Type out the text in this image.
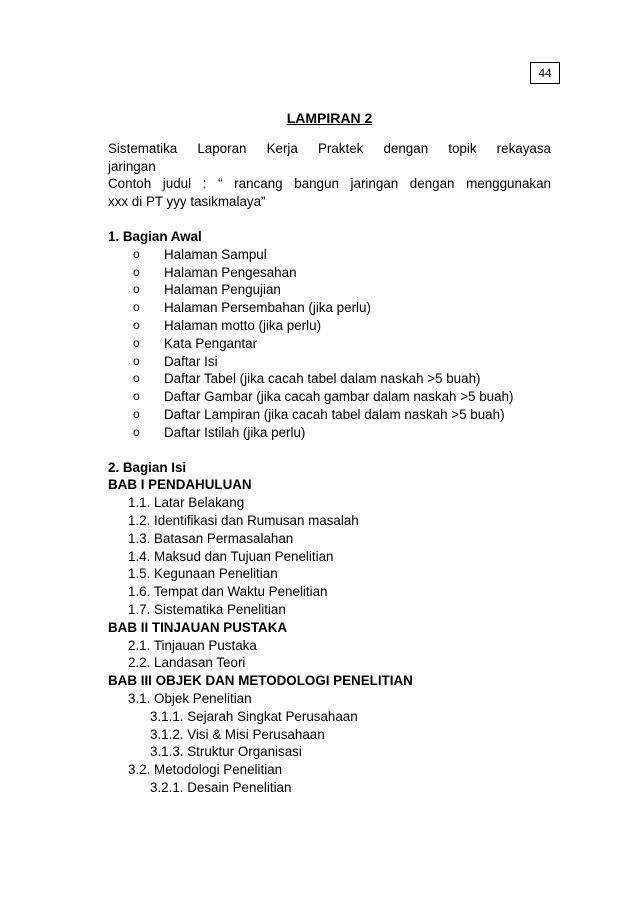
44
LAMPIRAN 2

Sistematika Laporan Kerja Praktek dengan topik rekayasa

jaringan

Contoh judul : “ rancang bangun jaringan dengan menggunakan

xxx di PT yyy tasikmalaya”

1. Bagian Awal
o	Halaman Sampul
o	Halaman Pengesahan
o	Halaman Pengujian
o	Halaman Persembahan (jika perlu)
o	Halaman motto (jika perlu)
o	Kata Pengantar
o	Daftar Isi
o	Daftar Tabel (jika cacah tabel dalam naskah >5 buah)
o	Daftar Gambar (jika cacah gambar dalam naskah >5 buah)
o	Daftar Lampiran (jika cacah tabel dalam naskah >5 buah)
o	Daftar Istilah (jika perlu)
2. Bagian Isi
BAB I PENDAHULUAN
1.1. Latar Belakang
1.2. Identifikasi dan Rumusan masalah
1.3. Batasan Permasalahan
1.4. Maksud dan Tujuan Penelitian
1.5. Kegunaan Penelitian
1.6. Tempat dan Waktu Penelitian
1.7. Sistematika Penelitian
BAB II TINJAUAN PUSTAKA
2.1. Tinjauan Pustaka
2.2. Landasan Teori
BAB III OBJEK DAN METODOLOGI PENELITIAN
3.1. Objek Penelitian
3.1.1. Sejarah Singkat Perusahaan
3.1.2. Visi & Misi Perusahaan
3.1.3. Struktur Organisasi
3.2. Metodologi Penelitian
3.2.1. Desain Penelitian
